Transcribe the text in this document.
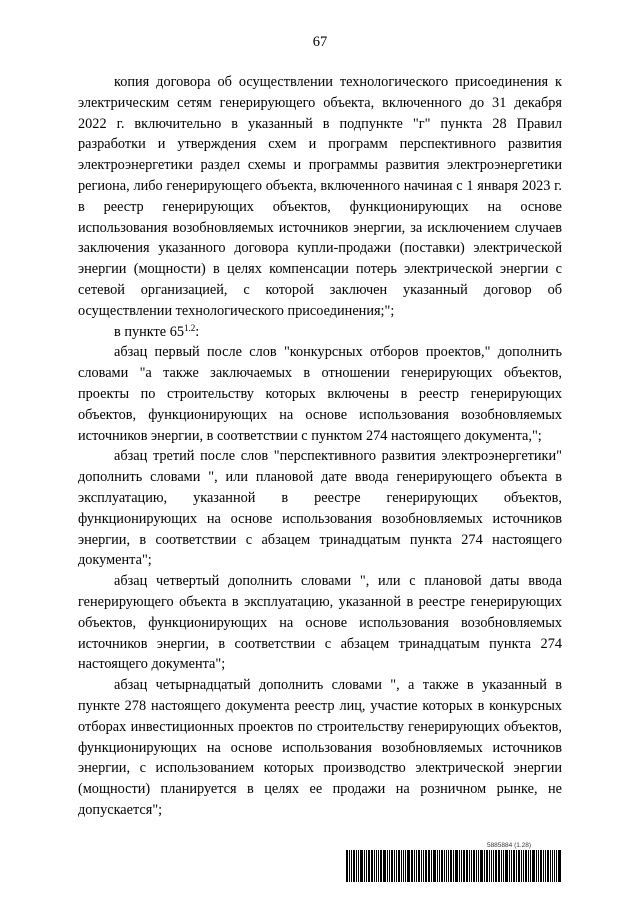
67

копия договора об осуществлении технологического присоединения к электрическим сетям генерирующего объекта, включенного до 31 декабря 2022 г. включительно в указанный в подпункте "г" пункта 28 Правил разработки и утверждения схем и программ перспективного развития электроэнергетики раздел схемы и программы развития электроэнергетики региона, либо генерирующего объекта, включенного начиная с 1 января 2023 г. в реестр генерирующих объектов, функционирующих на основе использования возобновляемых источников энергии, за исключением случаев заключения указанного договора купли-продажи (поставки) электрической энергии (мощности) в целях компенсации потерь электрической энергии с сетевой организацией, с которой заключен указанный договор об осуществлении технологического присоединения;";

в пункте $65^{1.2}$:

абзац первый после слов "конкурсных отборов проектов," дополнить словами "а также заключаемых в отношении генерирующих объектов, проекты по строительству которых включены в реестр генерирующих объектов, функционирующих на основе использования возобновляемых источников энергии, в соответствии с пунктом 274 настоящего документа,";

абзац третий после слов "перспективного развития электроэнергетики" дополнить словами ", или плановой дате ввода генерирующего объекта в эксплуатацию, указанной в реестре генерирующих объектов, функционирующих на основе использования возобновляемых источников энергии, в соответствии с абзацем тринадцатым пункта 274 настоящего документа";

абзац четвертый дополнить словами ", или с плановой даты ввода генерирующего объекта в эксплуатацию, указанной в реестре генерирующих объектов, функционирующих на основе использования возобновляемых источников энергии, в соответствии с абзацем тринадцатым пункта 274 настоящего документа";

абзац четырнадцатый дополнить словами ", а также в указанный в пункте 278 настоящего документа реестр лиц, участие которых в конкурсных отборах инвестиционных проектов по строительству генерирующих объектов, функционирующих на основе использования возобновляемых источников энергии, с использованием которых производство электрической энергии (мощности) планируется в целях ее продажи на розничном рынке, не допускается";

5885884 (1.28)
